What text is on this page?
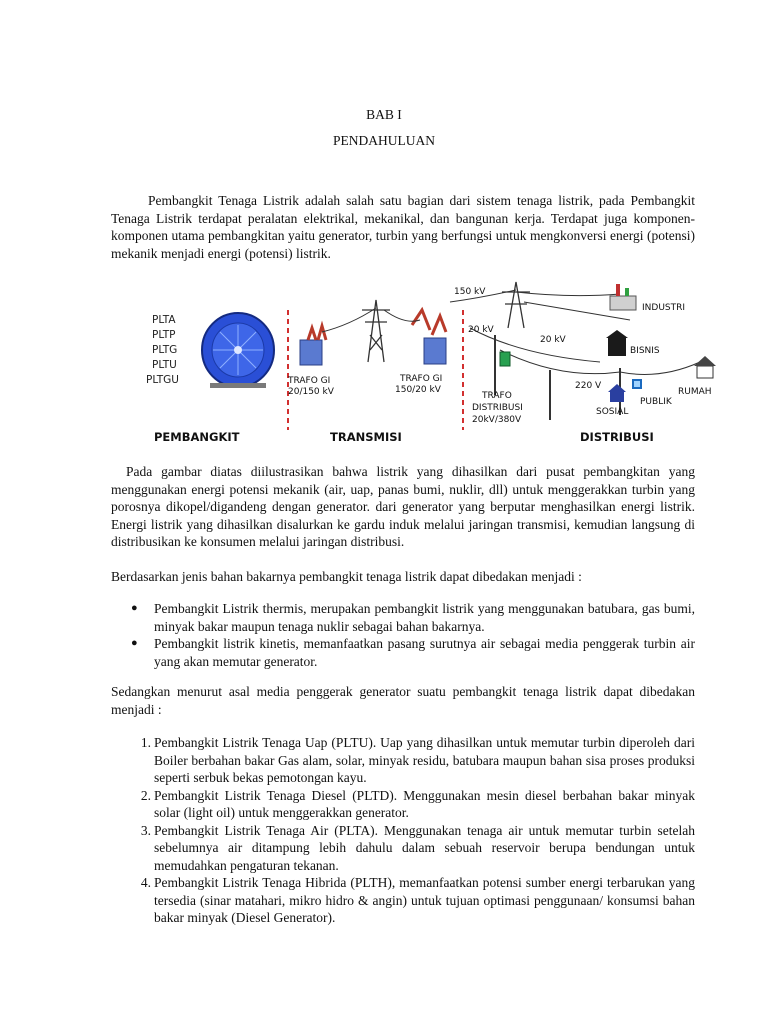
BAB I
PENDAHULUAN

Pembangkit Tenaga Listrik adalah salah satu bagian dari sistem tenaga listrik, pada Pembangkit Tenaga Listrik terdapat peralatan elektrikal, mekanikal, dan bangunan kerja. Terdapat juga komponen-komponen utama pembangkitan yaitu generator, turbin yang berfungsi untuk mengkonversi energi (potensi) mekanik menjadi energi (potensi) listrik.

PLTA
PLTP
PLTG
PLTU
PLTGU	TRAFO GI
20/150 kV
TRAFO GI
150/20 kV
TRAFO
DISTRIBUSI
20kV/380V
150 kV
20 kV
20 kV
220 V
INDUSTRI
BISNIS
RUMAH
SOSIAL
PUBLIK
PEMBANGKIT	TRANSMISI	DISTRIBUSI

Pada gambar diatas diilustrasikan bahwa listrik yang dihasilkan dari pusat pembangkitan yang menggunakan energi potensi mekanik (air, uap, panas bumi, nuklir, dll) untuk menggerakkan turbin yang porosnya dikopel/digandeng dengan generator. dari generator yang berputar menghasilkan energi listrik. Energi listrik yang dihasilkan disalurkan ke gardu induk melalui jaringan transmisi, kemudian langsung di distribusikan ke konsumen melalui jaringan distribusi.

Berdasarkan jenis bahan bakarnya pembangkit tenaga listrik dapat dibedakan menjadi :

● Pembangkit Listrik thermis, merupakan pembangkit listrik yang menggunakan batubara, gas bumi, minyak bakar maupun tenaga nuklir sebagai bahan bakarnya.
● Pembangkit listrik kinetis, memanfaatkan pasang surutnya air sebagai media penggerak turbin air yang akan memutar generator.

Sedangkan menurut asal media penggerak generator suatu pembangkit tenaga listrik dapat dibedakan menjadi :

1. Pembangkit Listrik Tenaga Uap (PLTU). Uap yang dihasilkan untuk memutar turbin diperoleh dari Boiler berbahan bakar Gas alam, solar, minyak residu, batubara maupun bahan sisa proses produksi seperti serbuk bekas pemotongan kayu.
2. Pembangkit Listrik Tenaga Diesel (PLTD). Menggunakan mesin diesel berbahan bakar minyak solar (light oil) untuk menggerakkan generator.
3. Pembangkit Listrik Tenaga Air (PLTA). Menggunakan tenaga air untuk memutar turbin setelah sebelumnya air ditampung lebih dahulu dalam sebuah reservoir berupa bendungan untuk memudahkan pengaturan tekanan.
4. Pembangkit Listrik Tenaga Hibrida (PLTH), memanfaatkan potensi sumber energi terbarukan yang tersedia (sinar matahari, mikro hidro & angin) untuk tujuan optimasi penggunaan/ konsumsi bahan bakar minyak (Diesel Generator).
